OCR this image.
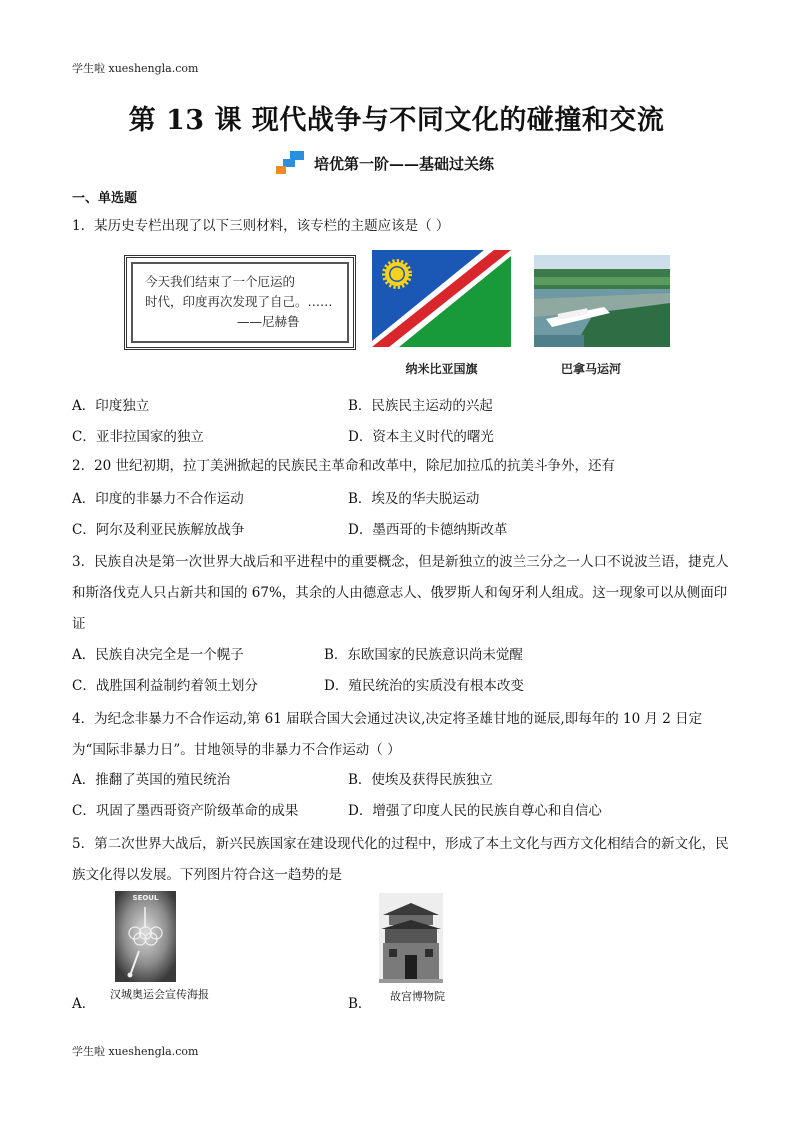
学生啦 xueshengla.com
第 13 课 现代战争与不同文化的碰撞和交流
培优第一阶——基础过关练
一、单选题
1．某历史专栏出现了以下三则材料，该专栏的主题应该是（ ）
今天我们结束了一个厄运的
时代，印度再次发现了自己。……
——尼赫鲁
纳米比亚国旗	巴拿马运河
A．印度独立	B．民族民主运动的兴起
C．亚非拉国家的独立	D．资本主义时代的曙光
2．20 世纪初期，拉丁美洲掀起的民族民主革命和改革中，除尼加拉瓜的抗美斗争外，还有
A．印度的非暴力不合作运动	B．埃及的华夫脱运动
C．阿尔及利亚民族解放战争	D．墨西哥的卡德纳斯改革
3．民族自决是第一次世界大战后和平进程中的重要概念，但是新独立的波兰三分之一人口不说波兰语，捷克人和斯洛伐克人只占新共和国的 67%，其余的人由德意志人、俄罗斯人和匈牙利人组成。这一现象可以从侧面印证
A．民族自决完全是一个幌子	B．东欧国家的民族意识尚未觉醒
C．战胜国利益制约着领土划分	D．殖民统治的实质没有根本改变
4．为纪念非暴力不合作运动,第 61 届联合国大会通过决议,决定将圣雄甘地的诞辰,即每年的 10 月 2 日定为“国际非暴力日”。甘地领导的非暴力不合作运动（ ）
A．推翻了英国的殖民统治	B．使埃及获得民族独立
C．巩固了墨西哥资产阶级革命的成果	D．增强了印度人民的民族自尊心和自信心
5．第二次世界大战后，新兴民族国家在建设现代化的过程中，形成了本土文化与西方文化相结合的新文化，民族文化得以发展。下列图片符合这一趋势的是
SEOUL
A．
汉城奥运会宣传海报
B． 故宫博物院
学生啦 xueshengla.com
